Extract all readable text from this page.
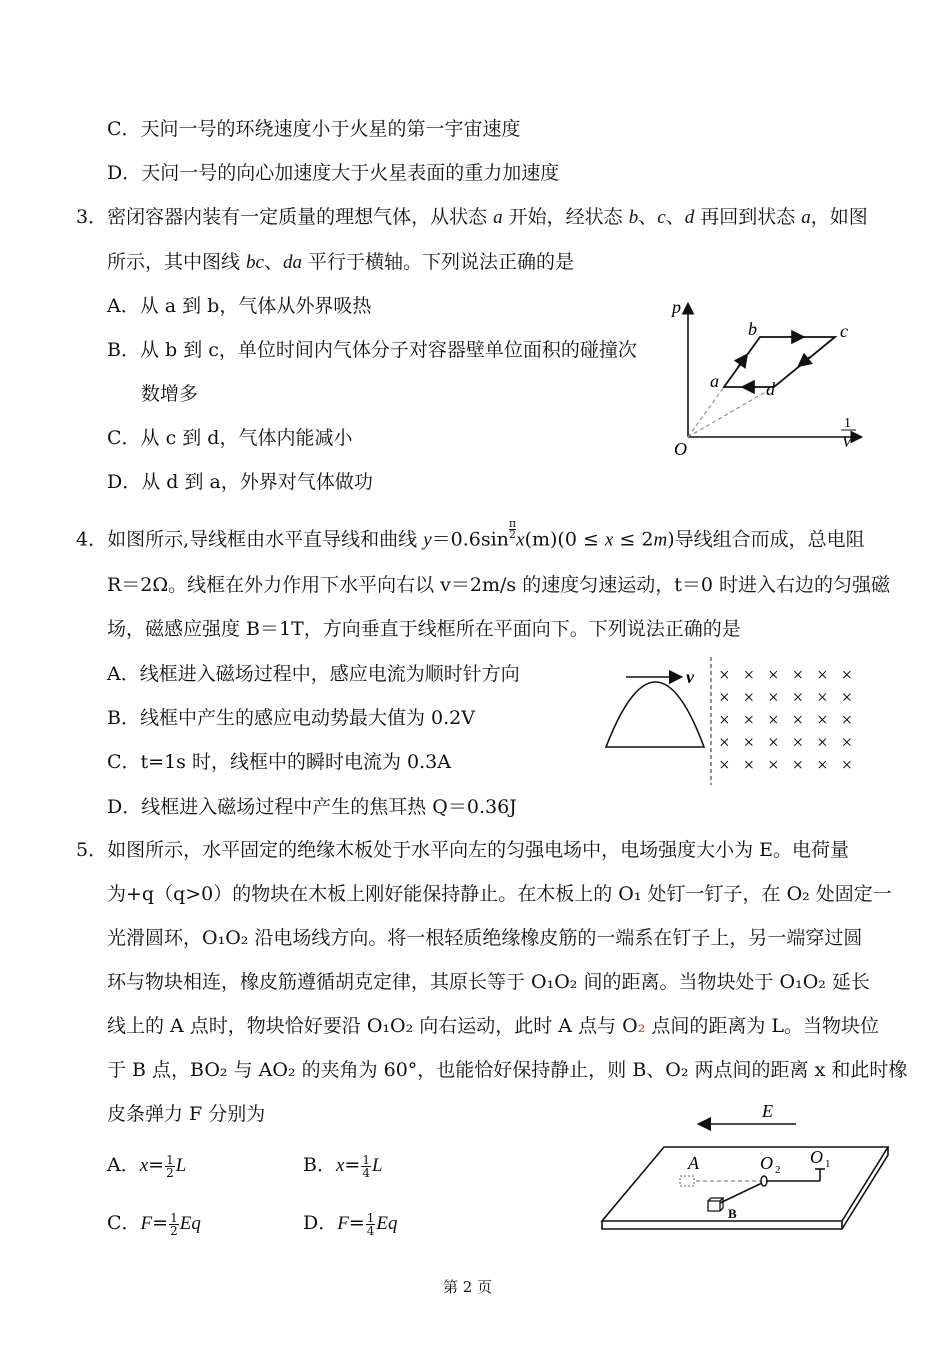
C．天问一号的环绕速度小于火星的第一宇宙速度
D．天问一号的向心加速度大于火星表面的重力加速度
3．密闭容器内装有一定质量的理想气体，从状态 a 开始，经状态 b、c、d 再回到状态 a，如图
所示，其中图线 bc、da 平行于横轴。下列说法正确的是
A．从 a 到 b，气体从外界吸热
B．从 b 到 c，单位时间内气体分子对容器壁单位面积的碰撞次
数增多
C．从 c 到 d，气体内能减小
D．从 d 到 a，外界对气体做功
p
1
V
O
a
b	c
d
4．如图所示,导线框由水平直导线和曲线 $y=0.6\sin \frac{\pi}{2} x(m)(0 \le x \le 2m)$导线组合而成，总电阻
R＝2Ω。线框在外力作用下水平向右以 v＝2m/s 的速度匀速运动，t＝0 时进入右边的匀强磁
场，磁感应强度 B＝1T，方向垂直于线框所在平面向下。下列说法正确的是
A．线框进入磁场过程中，感应电流为顺时针方向
B．线框中产生的感应电动势最大值为 0.2V
C．t=1s 时，线框中的瞬时电流为 0.3A
D．线框进入磁场过程中产生的焦耳热 Q＝0.36J
v × × × × × ×
× × × × × ×
× × × × × ×
× × × × × ×
× × × × × ×
5．如图所示，水平固定的绝缘木板处于水平向左的匀强电场中，电场强度大小为 E。电荷量
为+q（q>0）的物块在木板上刚好能保持静止。在木板上的 O₁ 处钉一钉子，在 O₂ 处固定一
光滑圆环，O₁O₂ 沿电场线方向。将一根轻质绝缘橡皮筋的一端系在钉子上，另一端穿过圆
环与物块相连，橡皮筋遵循胡克定律，其原长等于 O₁O₂ 间的距离。当物块处于 O₁O₂ 延长
线上的 A 点时，物块恰好要沿 O₁O₂ 向右运动，此时 A 点与 O₂ 点间的距离为 L。当物块位
于 B 点，BO₂ 与 AO₂ 的夹角为 60°，也能恰好保持静止，则 B、O₂ 两点间的距离 x 和此时橡
皮条弹力 F 分别为
A．$x= \frac{1}{2}$ L	B．$x= \frac{1}{4}$ L
C．$F= \frac{1}{2}$ Eq	D．$F= \frac{1}{4}$ Eq
E
A	O 2
O 1
B
第 2 页
